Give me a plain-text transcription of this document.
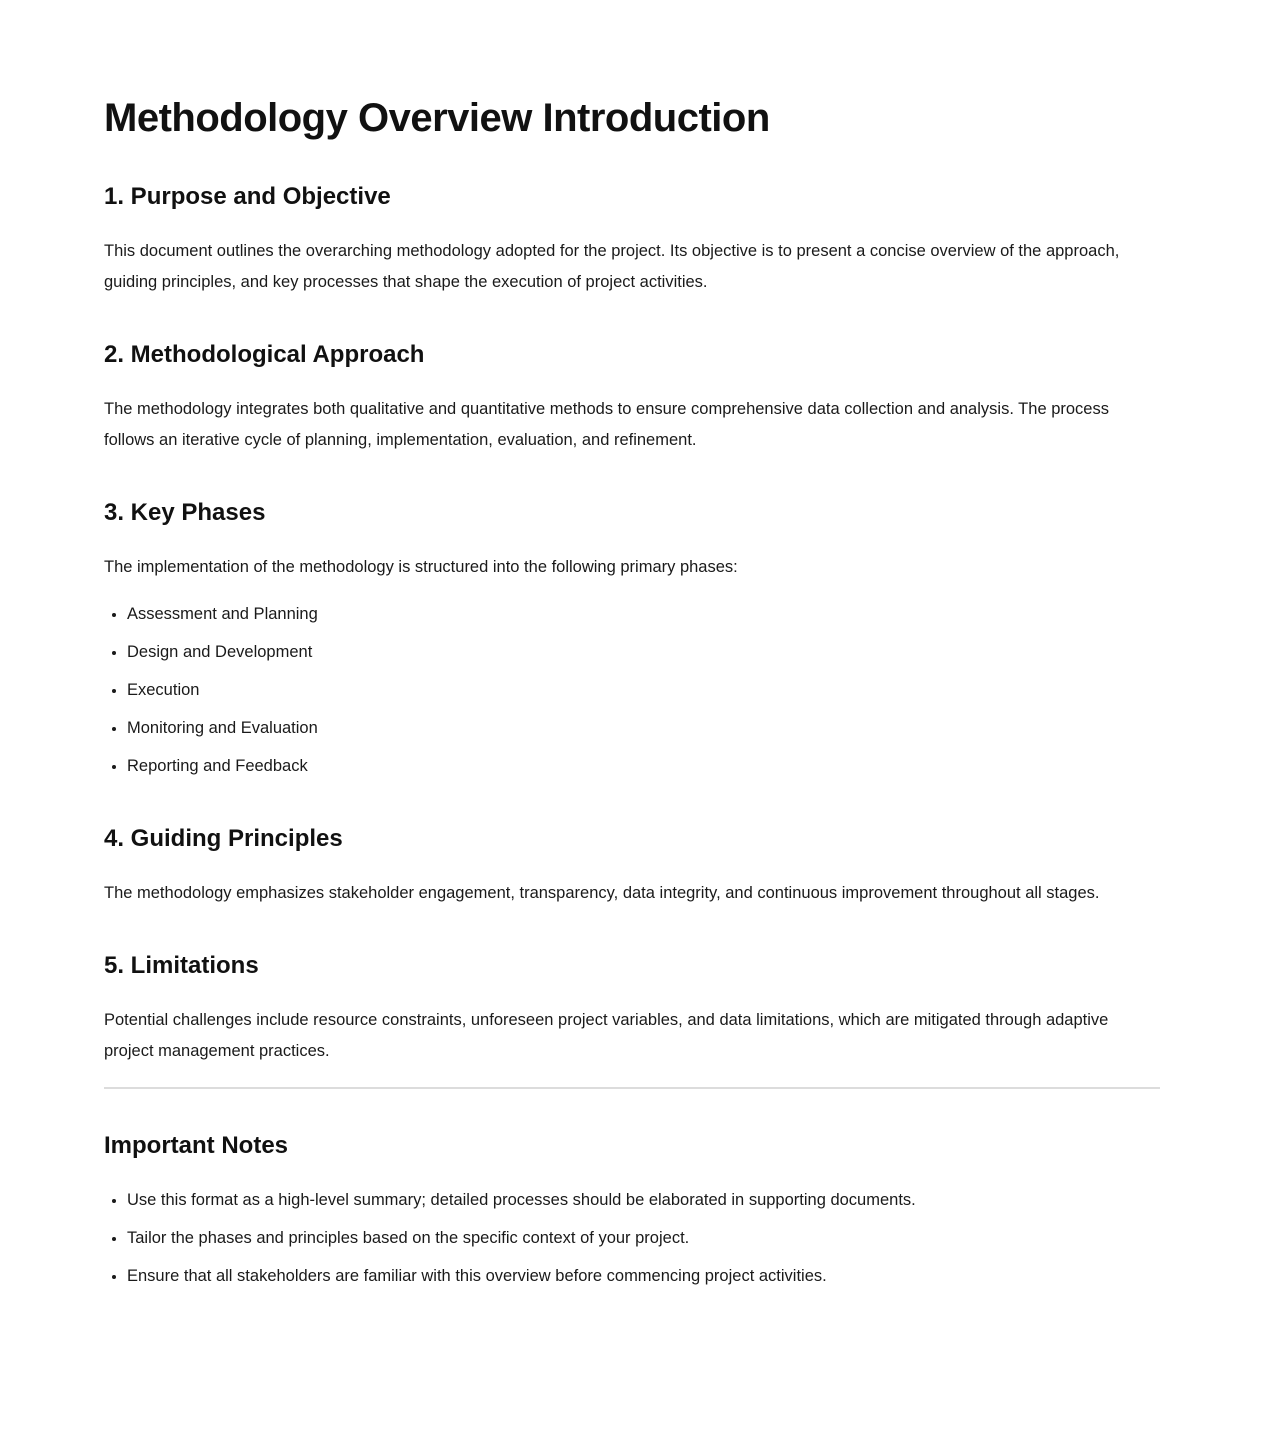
Methodology Overview Introduction
1. Purpose and Objective

This document outlines the overarching methodology adopted for the project. Its objective is to present a concise overview of the approach, guiding principles, and key processes that shape the execution of project activities.

2. Methodological Approach

The methodology integrates both qualitative and quantitative methods to ensure comprehensive data collection and analysis. The process follows an iterative cycle of planning, implementation, evaluation, and refinement.

3. Key Phases

The implementation of the methodology is structured into the following primary phases:

• Assessment and Planning
• Design and Development
• Execution
• Monitoring and Evaluation
• Reporting and Feedback
4. Guiding Principles

The methodology emphasizes stakeholder engagement, transparency, data integrity, and continuous improvement throughout all stages.

5. Limitations

Potential challenges include resource constraints, unforeseen project variables, and data limitations, which are mitigated through adaptive project management practices.

Important Notes
• Use this format as a high-level summary; detailed processes should be elaborated in supporting documents.
• Tailor the phases and principles based on the specific context of your project.
• Ensure that all stakeholders are familiar with this overview before commencing project activities.
